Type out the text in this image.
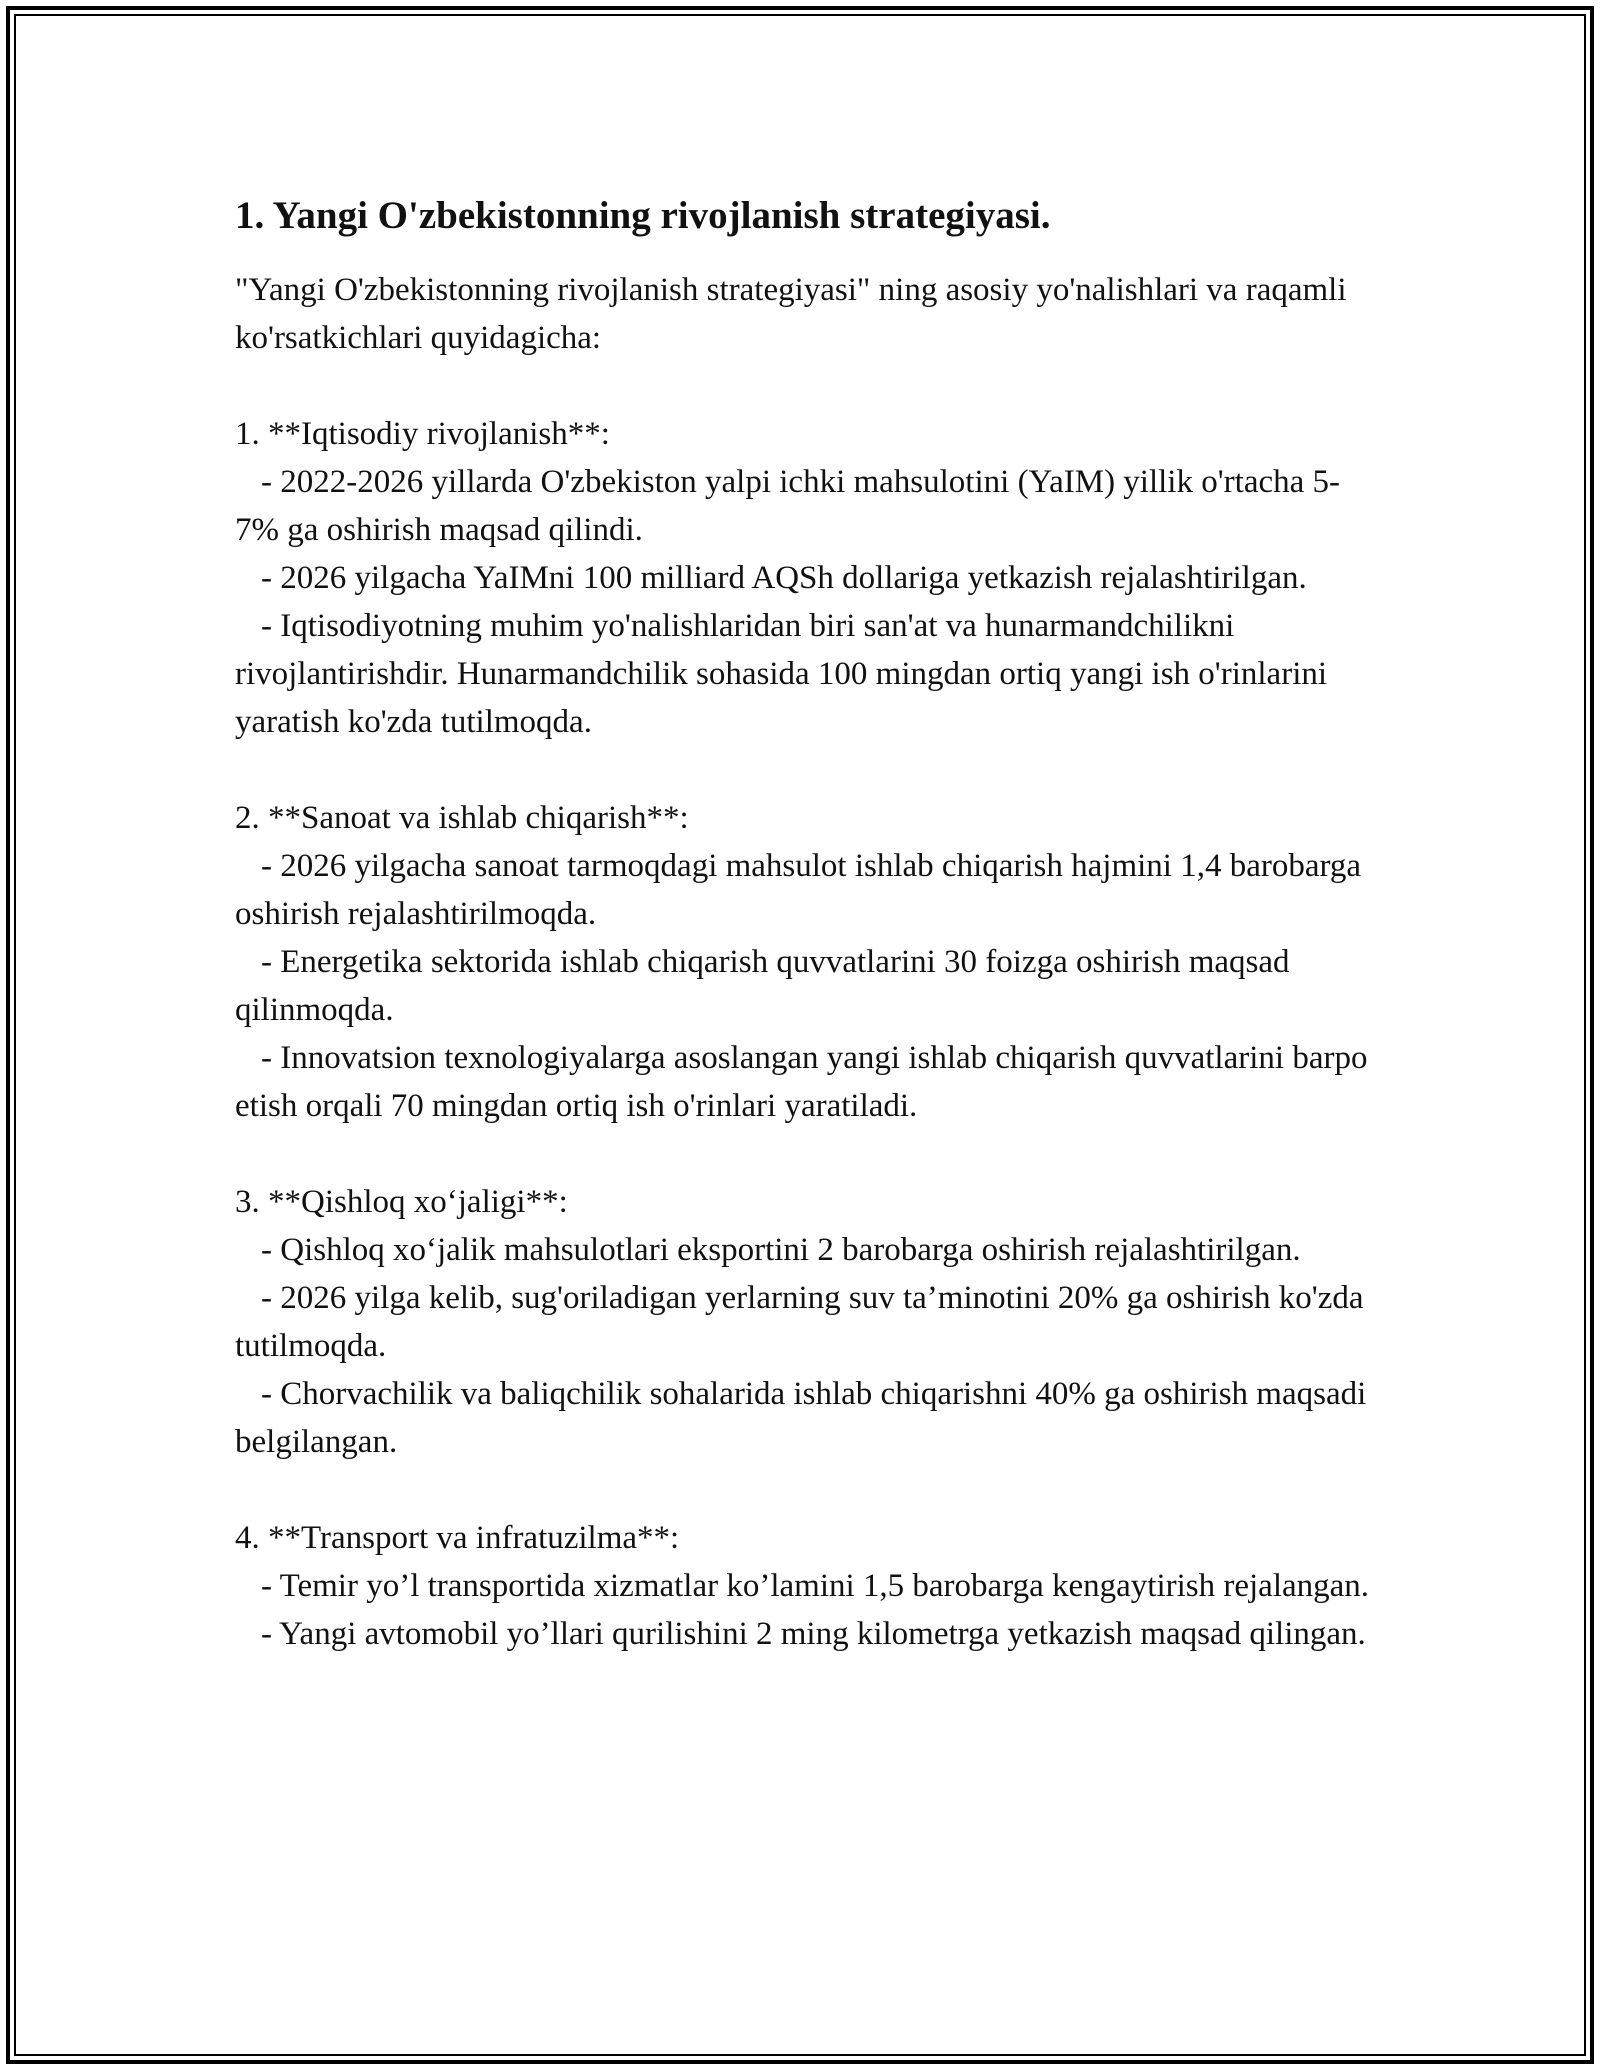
1. Yangi O'zbekistonning rivojlanish strategiyasi.

"Yangi O'zbekistonning rivojlanish strategiyasi" ning asosiy yo'nalishlari va raqamli ko'rsatkichlari quyidagicha:

1. **Iqtisodiy rivojlanish**:
- 2022-2026 yillarda O'zbekiston yalpi ichki mahsulotini (YaIM) yillik o'rtacha 5-7% ga oshirish maqsad qilindi.
- 2026 yilgacha YaIMni 100 milliard AQSh dollariga yetkazish rejalashtirilgan.
- Iqtisodiyotning muhim yo'nalishlaridan biri san'at va hunarmandchilikni rivojlantirishdir. Hunarmandchilik sohasida 100 mingdan ortiq yangi ish o'rinlarini yaratish ko'zda tutilmoqda.
2. **Sanoat va ishlab chiqarish**:
- 2026 yilgacha sanoat tarmoqdagi mahsulot ishlab chiqarish hajmini 1,4 barobarga oshirish rejalashtirilmoqda.
- Energetika sektorida ishlab chiqarish quvvatlarini 30 foizga oshirish maqsad qilinmoqda.
- Innovatsion texnologiyalarga asoslangan yangi ishlab chiqarish quvvatlarini barpo etish orqali 70 mingdan ortiq ish o'rinlari yaratiladi.
3. **Qishloq xo‘jaligi**:
- Qishloq xo‘jalik mahsulotlari eksportini 2 barobarga oshirish rejalashtirilgan.
- 2026 yilga kelib, sug'oriladigan yerlarning suv ta’minotini 20% ga oshirish ko'zda tutilmoqda.
- Chorvachilik va baliqchilik sohalarida ishlab chiqarishni 40% ga oshirish maqsadi belgilangan.
4. **Transport va infratuzilma**:
- Temir yo’l transportida xizmatlar ko’lamini 1,5 barobarga kengaytirish rejalangan.
- Yangi avtomobil yo’llari qurilishini 2 ming kilometrga yetkazish maqsad qilingan.
